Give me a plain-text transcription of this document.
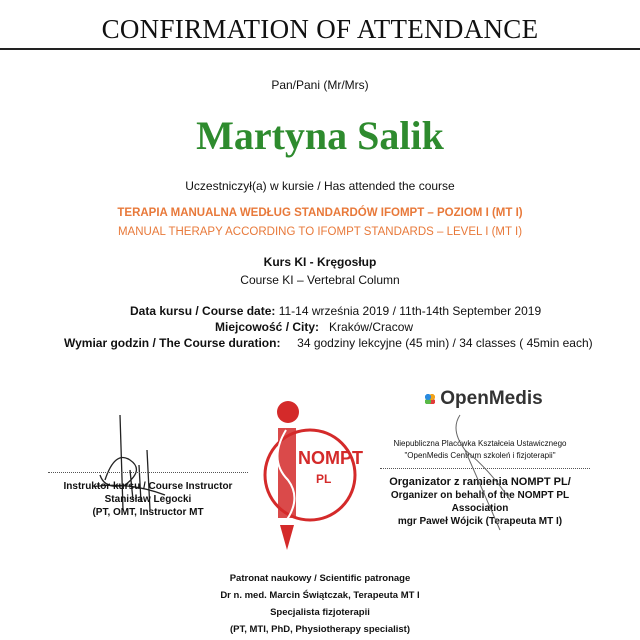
CONFIRMATION OF ATTENDANCE
Pan/Pani (Mr/Mrs)
Martyna Salik
Uczestniczył(a) w kursie / Has attended the course
TERAPIA MANUALNA WEDŁUG STANDARDÓW IFOMPT – POZIOM I (MT I)
MANUAL THERAPY ACCORDING TO IFOMPT STANDARDS – LEVEL I (MT I)
Kurs KI - Kręgosłup
Course KI – Vertebral Column
Data kursu / Course date: 11-14 września 2019 / 11th-14th September 2019
Miejcowość / City: Kraków/Cracow
Wymiar godzin / The Course duration: 34 godziny lekcyjne (45 min) / 34 classes ( 45min each)
Instruktor kursu / Course Instructor
Stanisław Legocki
(PT, OMT, Instructor MT
NOMPT
PL
OpenMedis
Niepubliczna Placówka Kształceia Ustawicznego
"OpenMedis Centrum szkoleń i fizjoterapii"
Organizator z ramienia NOMPT PL/
Organizer on behalf of the NOMPT PL
Association
mgr Paweł Wójcik (Terapeuta MT I)
Patronat naukowy / Scientific patronage
Dr n. med. Marcin Świątczak, Terapeuta MT I
Specjalista fizjoterapii
(PT, MTI, PhD, Physiotherapy specialist)
